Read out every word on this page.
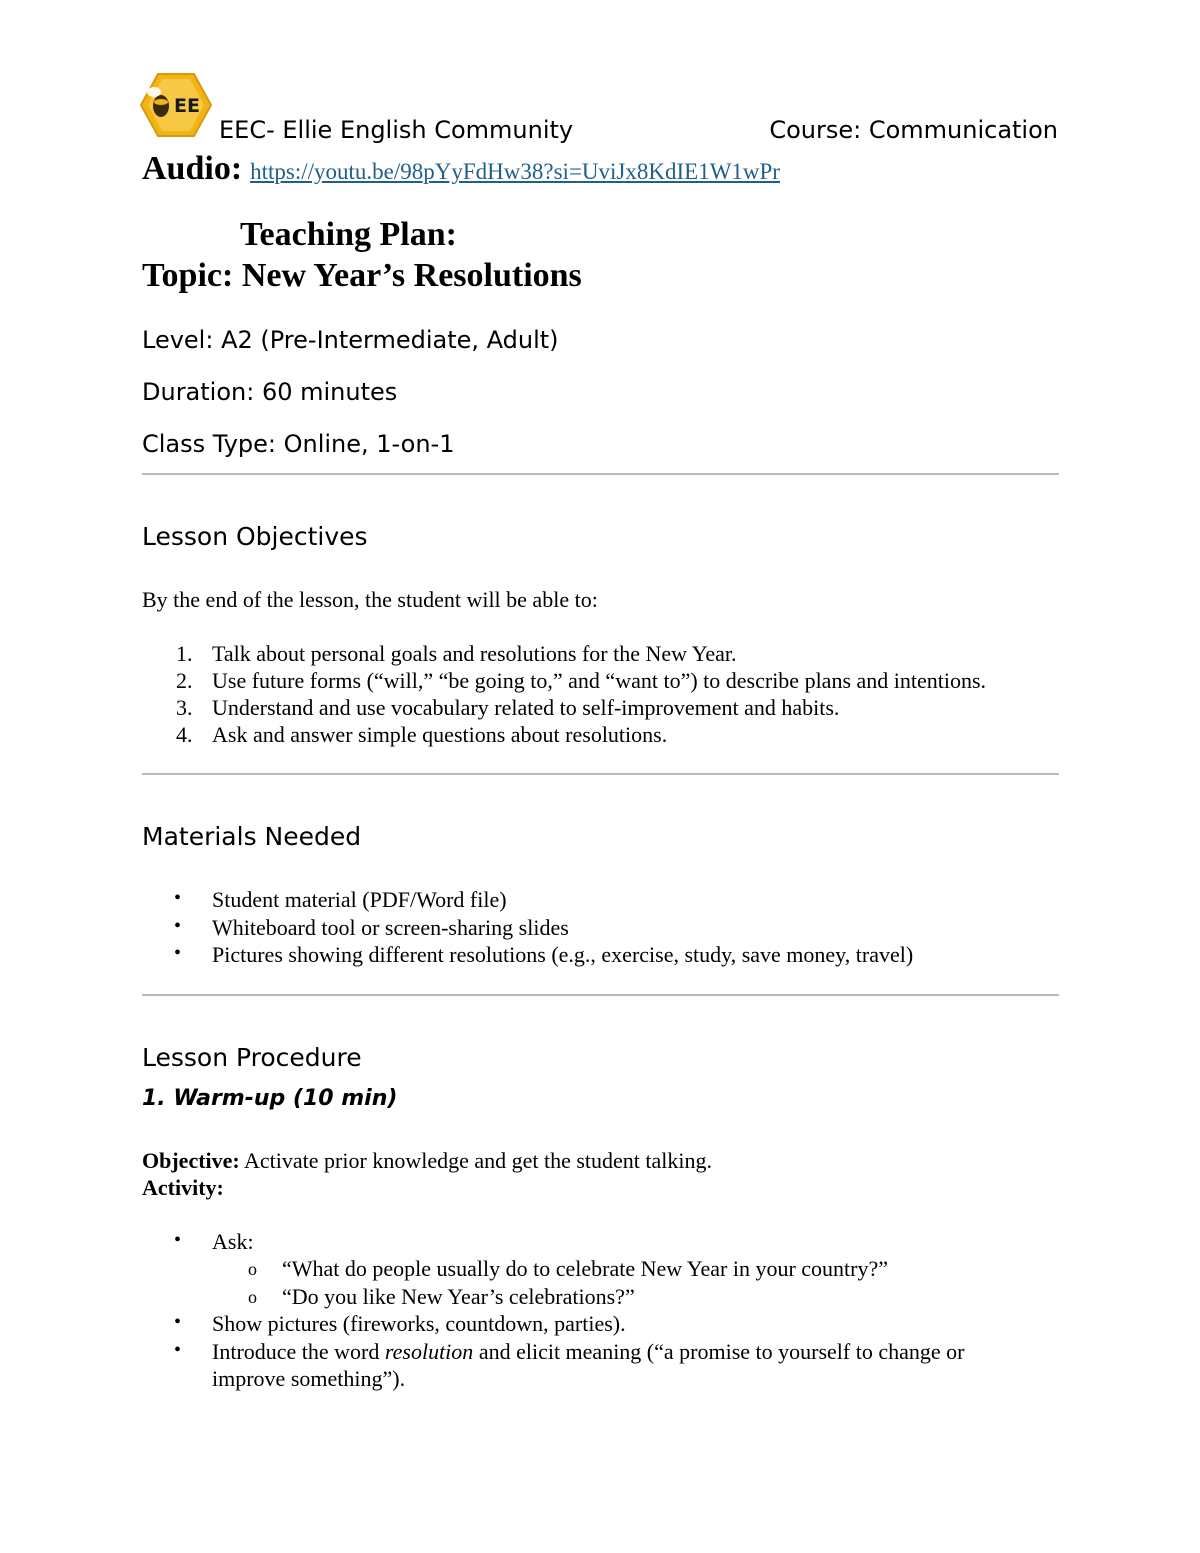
EE
EEC- Ellie English Community	Course: Communication
Audio: https://youtu.be/98pYyFdHw38?si=UviJx8KdIE1W1wPr
Teaching Plan:
Topic: New Year’s Resolutions
Level: A2 (Pre-Intermediate, Adult)
Duration: 60 minutes
Class Type: Online, 1-on-1
Lesson Objectives
By the end of the lesson, the student will be able to:
1. Talk about personal goals and resolutions for the New Year.
2. Use future forms (“will,” “be going to,” and “want to”) to describe plans and intentions.
3. Understand and use vocabulary related to self-improvement and habits.
4. Ask and answer simple questions about resolutions.
Materials Needed
• Student material (PDF/Word file)
• Whiteboard tool or screen-sharing slides
• Pictures showing different resolutions (e.g., exercise, study, save money, travel)
Lesson Procedure
1. Warm-up (10 min)
Objective: Activate prior knowledge and get the student talking.
Activity:
• Ask:
o “What do people usually do to celebrate New Year in your country?”
o “Do you like New Year’s celebrations?”
• Show pictures (fireworks, countdown, parties).
• Introduce the word resolution and elicit meaning (“a promise to yourself to change or
improve something”).
